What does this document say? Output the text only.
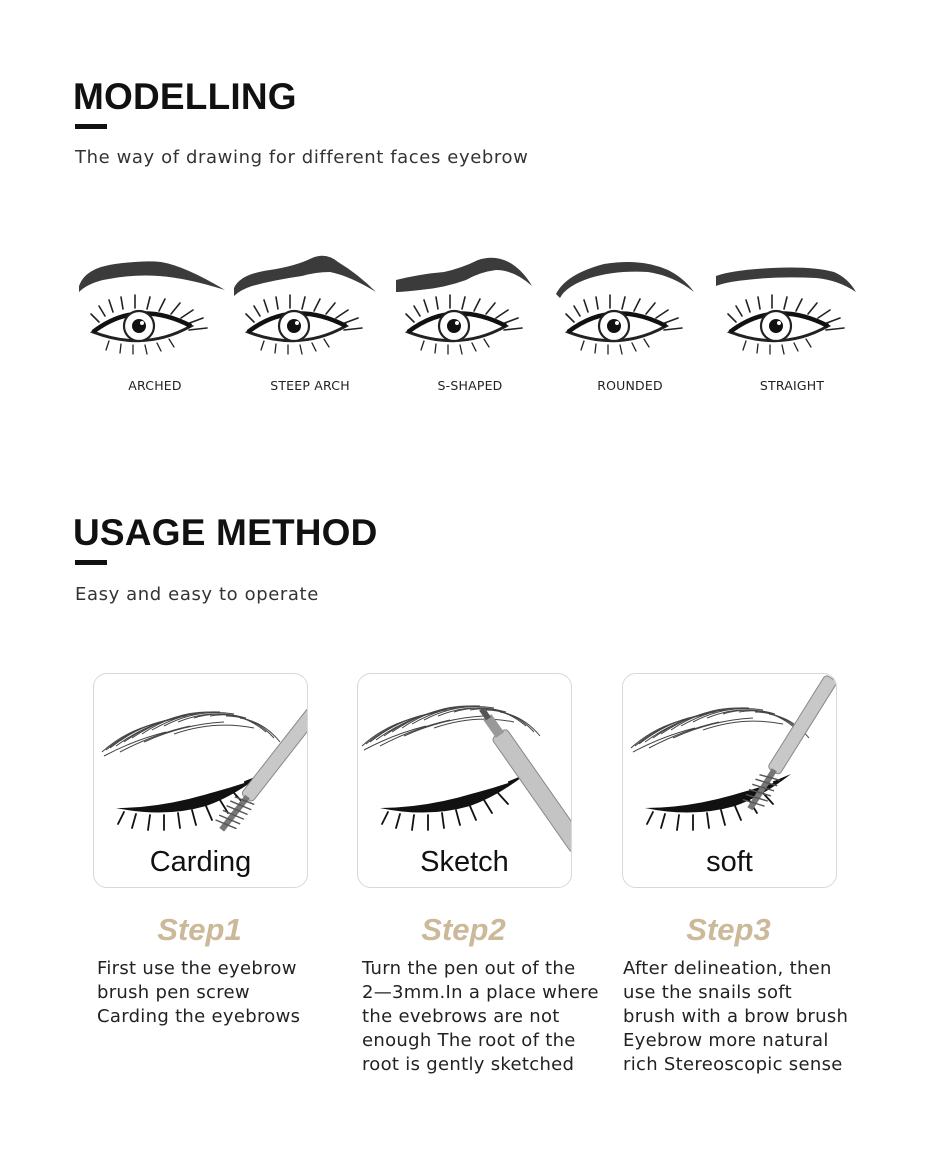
MODELLING

The way of drawing for different faces eyebrow

ARCHED	STEEP ARCH	S-SHAPED	ROUNDED	STRAIGHT
USAGE METHOD

Easy and easy to operate

Carding	Sketch	soft
Step1	Step2	Step3
First use the eyebrow
brush pen screw
Carding the eyebrows
Turn the pen out of the
2—3mm.In a place where
the evebrows are not
enough The root of the
root is gently sketched
After delineation, then
use the snails soft
brush with a brow brush
Eyebrow more natural
rich Stereoscopic sense
